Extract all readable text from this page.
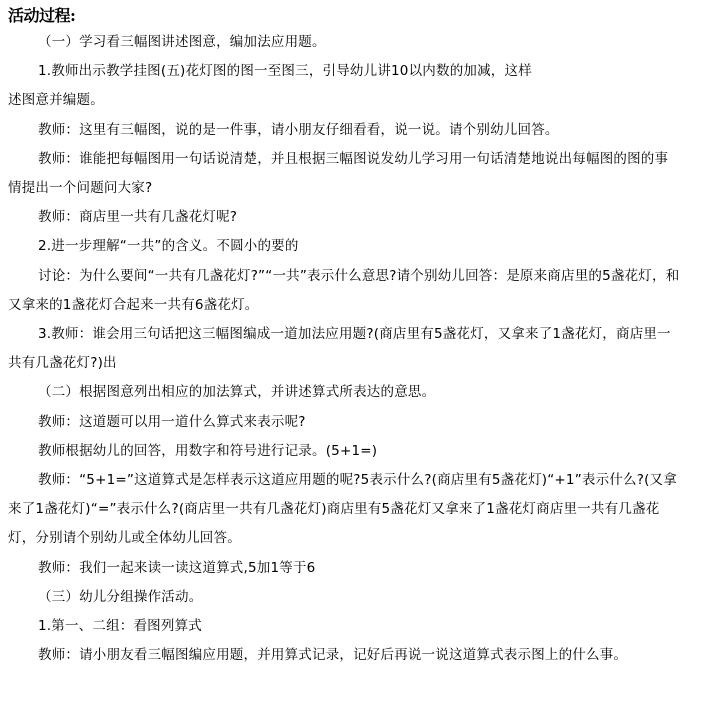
活动过程:

（一）学习看三幅图讲述图意，编加法应用题。

1.教师出示教学挂图(五)花灯图的图一至图三，引导幼儿讲10以内数的加减，这样

述图意并编题。

教师：这里有三幅图，说的是一件事，请小朋友仔细看看，说一说。请个别幼儿回答。

教师：谁能把每幅图用一句话说清楚，并且根据三幅图说发幼儿学习用一句话清楚地说出每幅图的图的事情提出一个问题问大家?

教师：商店里一共有几盏花灯呢?

2.进一步理解“一共”的含义。不圆小的要的

讨论：为什么要间“一共有几盏花灯?”“一共”表示什么意思?请个别幼儿回答：是原来商店里的5盏花灯，和又拿来的1盏花灯合起来一共有6盏花灯。

3.教师：谁会用三句话把这三幅图编成一道加法应用题?(商店里有5盏花灯，又拿来了1盏花灯，商店里一共有几盏花灯?)出

（二）根据图意列出相应的加法算式，并讲述算式所表达的意思。

教师：这道题可以用一道什么算式来表示呢?

教师根据幼儿的回答，用数字和符号进行记录。(5+1=)

教师：“5+1=”这道算式是怎样表示这道应用题的呢?5表示什么?(商店里有5盏花灯)“+1”表示什么?(又拿来了1盏花灯)“=”表示什么?(商店里一共有几盏花灯)商店里有5盏花灯又拿来了1盏花灯商店里一共有几盏花灯，分别请个别幼儿或全体幼儿回答。

教师：我们一起来读一读这道算式,5加1等于6

（三）幼儿分组操作活动。

1.第一、二组：看图列算式

教师：请小朋友看三幅图编应用题，并用算式记录，记好后再说一说这道算式表示图上的什么事。
